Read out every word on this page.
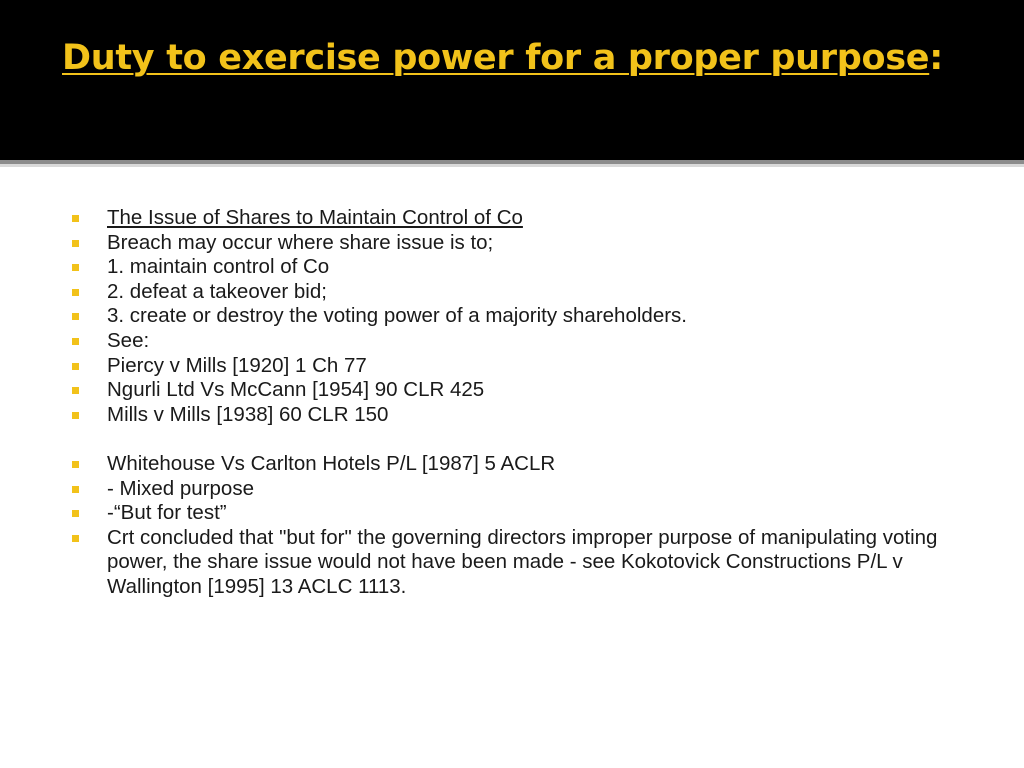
Duty to exercise power for a proper purpose:
The Issue of Shares to Maintain Control of Co
Breach may occur where share issue is to;
1. maintain control of Co
2. defeat a takeover bid;
3. create or destroy the voting power of a majority shareholders.
See:
Piercy v Mills [1920] 1 Ch 77
Ngurli Ltd Vs McCann [1954] 90 CLR 425
Mills v Mills [1938] 60 CLR 150
Whitehouse Vs Carlton Hotels P/L [1987] 5 ACLR
- Mixed purpose
-“But for test”
Crt concluded that "but for" the governing directors improper purpose of manipulating voting power, the share issue would not have been made - see Kokotovick Constructions P/L v Wallington [1995] 13 ACLC 1113.
